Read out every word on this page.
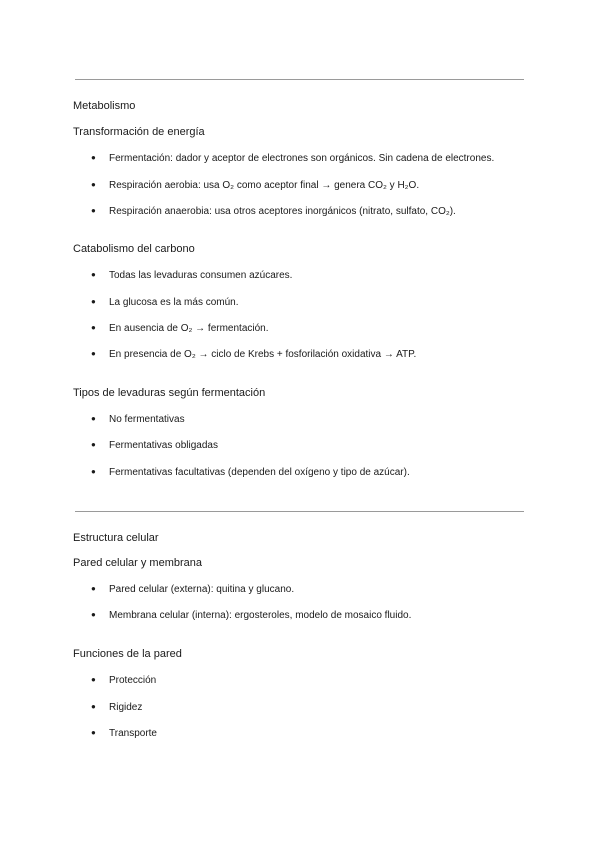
Metabolismo
Transformación de energía
● Fermentación: dador y aceptor de electrones son orgánicos. Sin cadena de electrones.
● Respiración aerobia: usa O₂ como aceptor final → genera CO₂ y H₂O.
● Respiración anaerobia: usa otros aceptores inorgánicos (nitrato, sulfato, CO₂).
Catabolismo del carbono
● Todas las levaduras consumen azúcares.
● La glucosa es la más común.
● En ausencia de O₂ → fermentación.
● En presencia de O₂ → ciclo de Krebs + fosforilación oxidativa → ATP.
Tipos de levaduras según fermentación
● No fermentativas
● Fermentativas obligadas
● Fermentativas facultativas (dependen del oxígeno y tipo de azúcar).
Estructura celular
Pared celular y membrana
● Pared celular (externa): quitina y glucano.
● Membrana celular (interna): ergosteroles, modelo de mosaico fluido.
Funciones de la pared
● Protección
● Rigidez
● Transporte
